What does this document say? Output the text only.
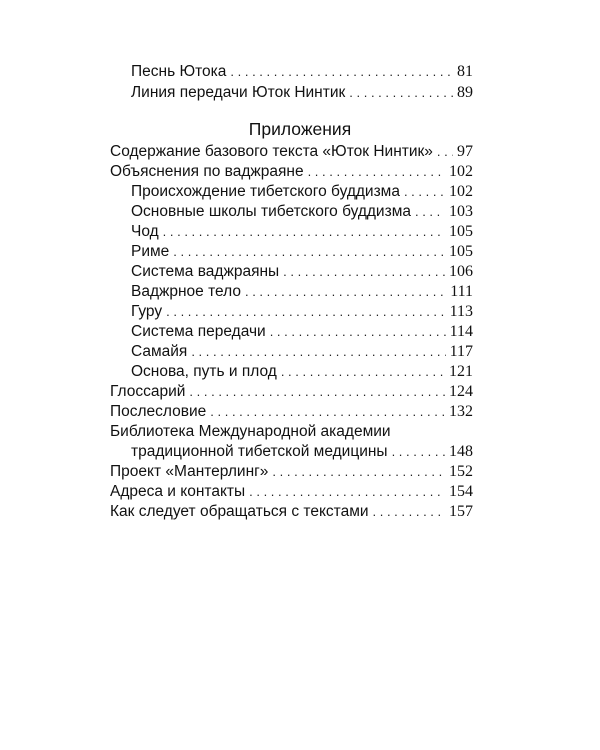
Песнь Ютока . . .	81
Линия передачи Юток Нинтик . . .	89
Приложения
Содержание базового текста «Юток Нинтик» . . . 97
Объяснения по ваджраяне . . .	102
Происхождение тибетского буддизма . . .	102
Основные школы тибетского буддизма . . . 103
Чод . . .	105
Риме . . .	105
Система ваджраяны . . .	106
Ваджрное тело . . .	111
Гуру . . .	113
Система передачи . . .	114
Самайя . . .	117
Основа, путь и плод . . .	121
Глоссарий . . .	124
Послесловие . . .	132
Библиотека Международной академии
традиционной тибетской медицины . . .	148
Проект «Мантерлинг» . . .	152
Адреса и контакты . . .	154
Как следует обращаться с текстами . . .	157
